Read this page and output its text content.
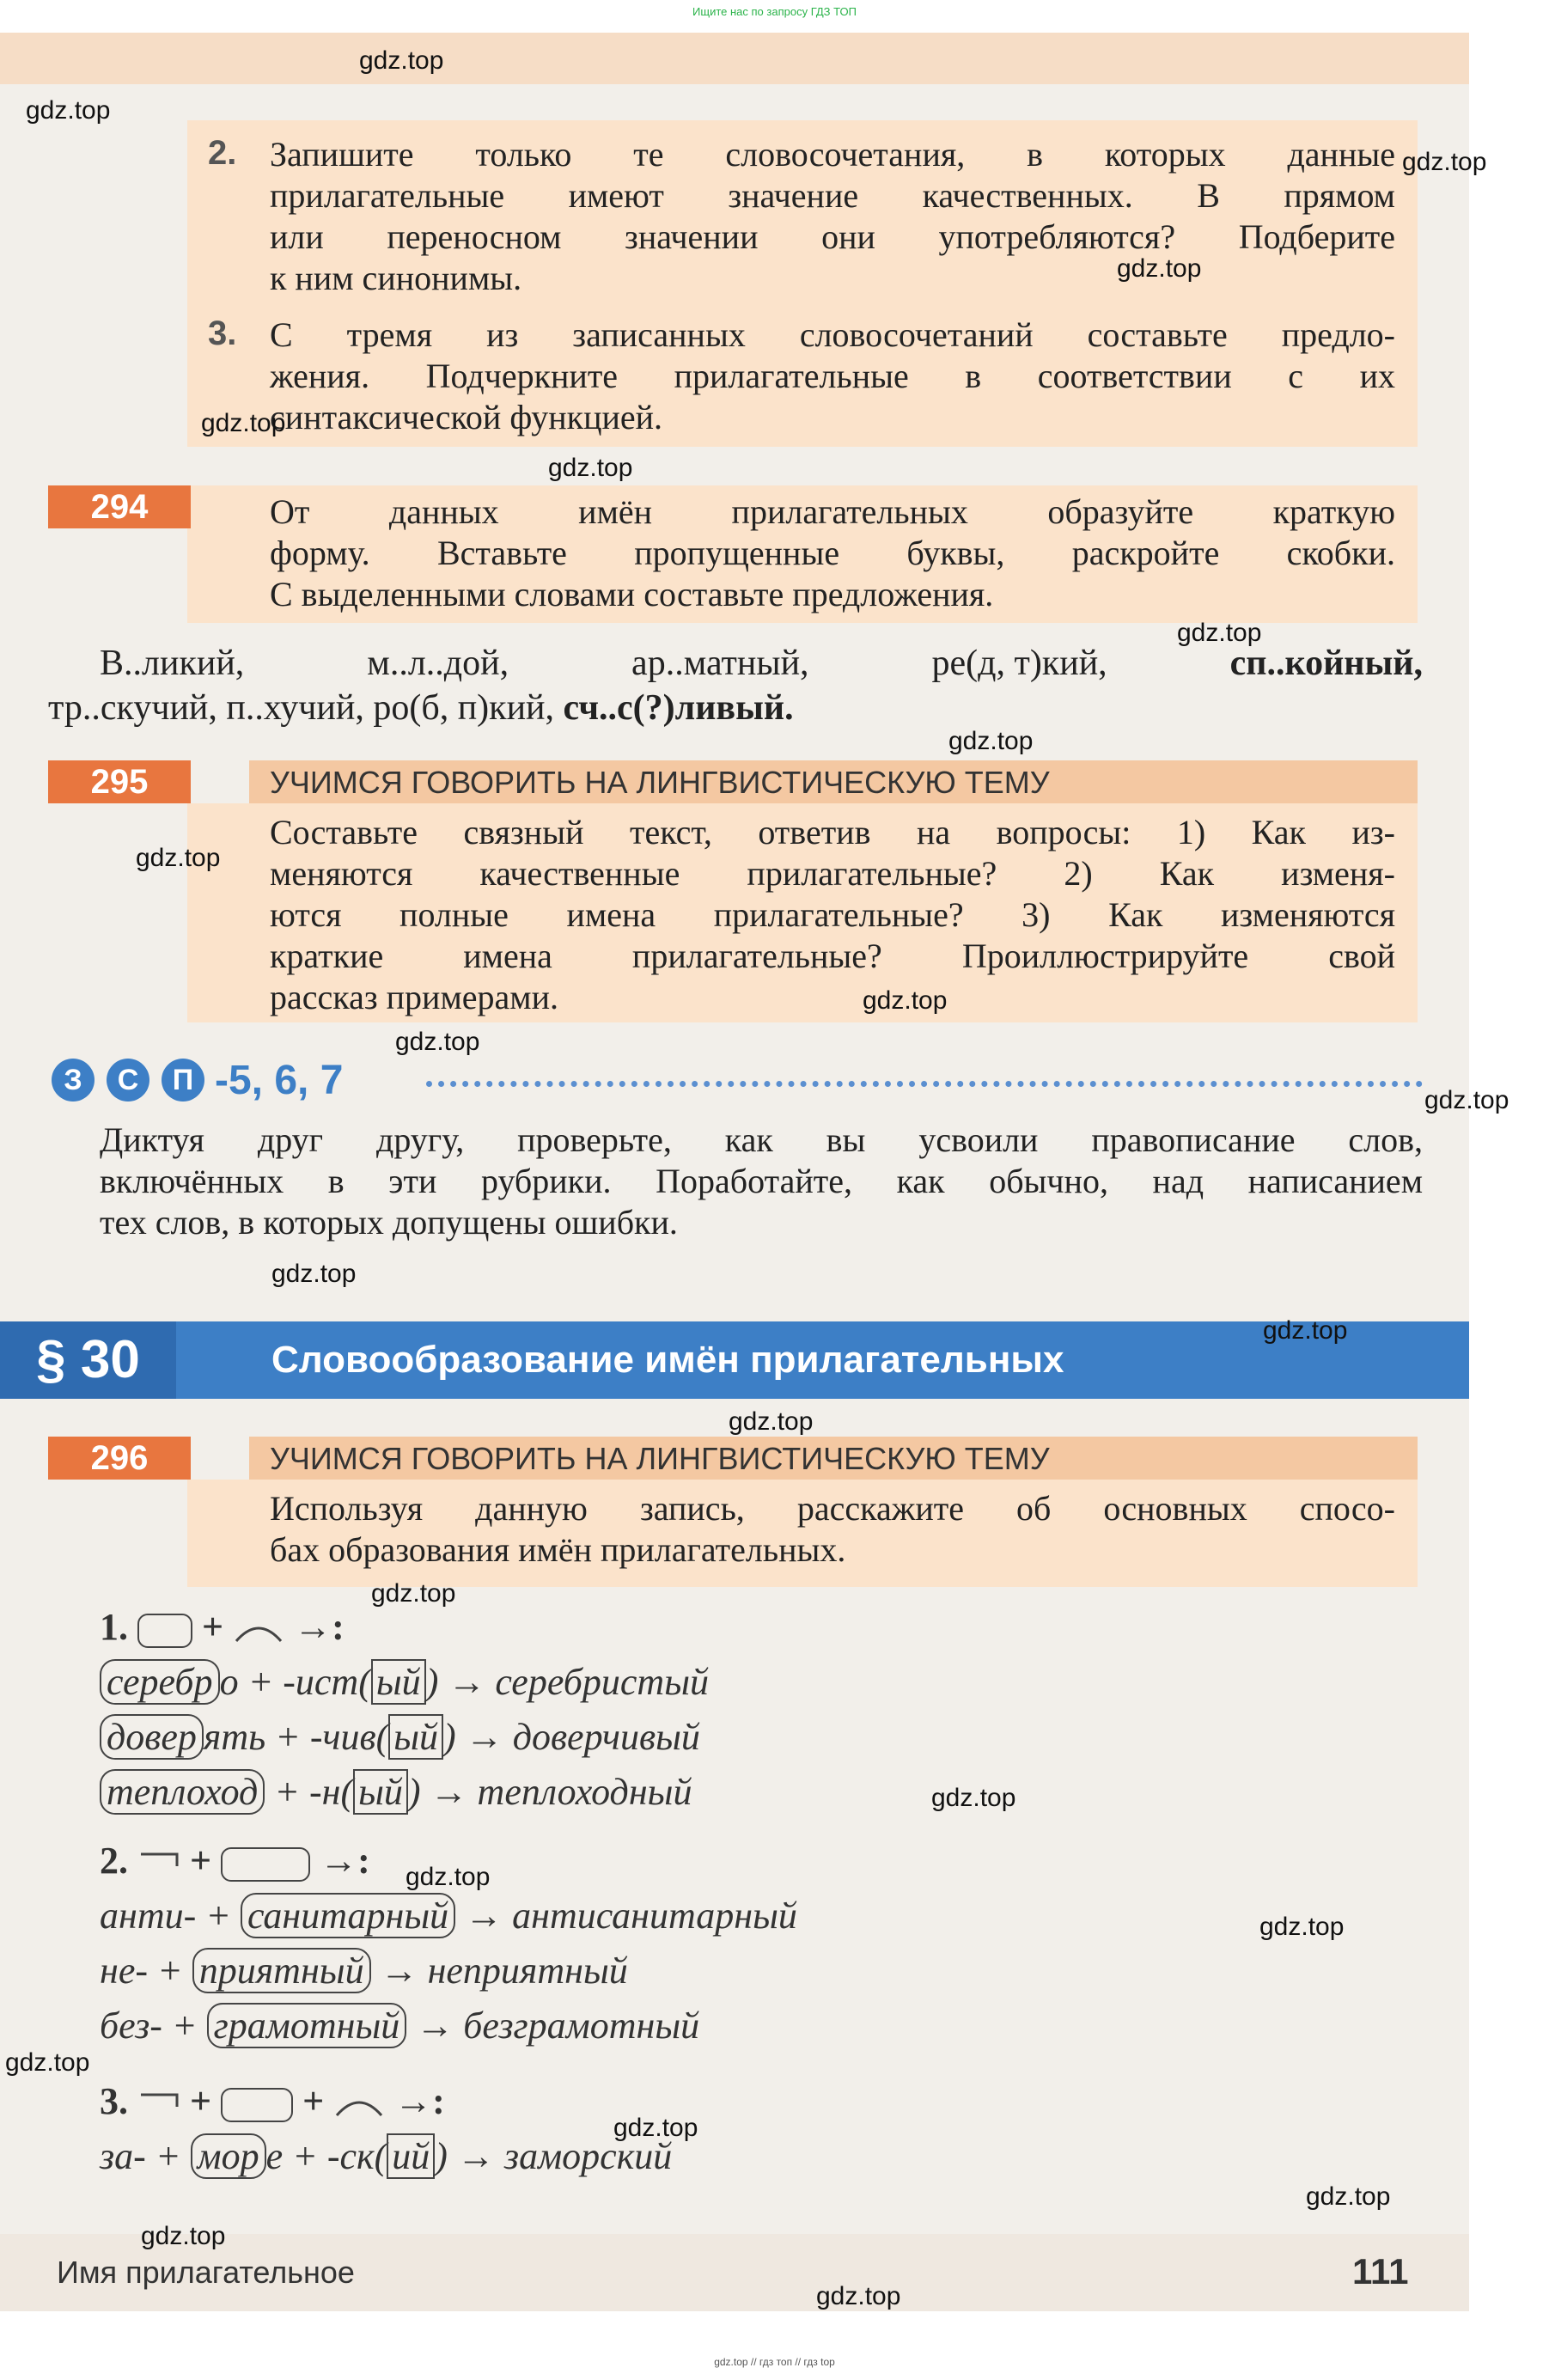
Ищите нас по запросу ГДЗ ТОП
2. Запишите только те словосочетания, в которых данные
прилагательные имеют значение качественных. В прямом
или переносном значении они употребляются? Подберите
к ним синонимы.
3. С тремя из записанных словосочетаний составьте предло-
жения. Подчеркните прилагательные в соответствии с их
синтаксической функцией.
294	От данных имён прилагательных образуйте краткую
форму. Вставьте пропущенные буквы, раскройте скобки.
С выделенными словами составьте предложения.
В..ликий,	м..л..дой,	ар..матный,	ре(д, т)кий,	сп..койный,
тр..скучий, п..хучий, ро(б, п)кий, сч..с(?)ливый.
295	УЧИМСЯ ГОВОРИТЬ НА ЛИНГВИСТИЧЕСКУЮ ТЕМУ
Составьте связный текст, ответив на вопросы: 1) Как из-
меняются качественные прилагательные? 2) Как изменя-
ются полные имена прилагательные? 3) Как изменяются
краткие имена прилагательные? Проиллюстрируйте свой
рассказ примерами.
З	С	П -5, 6, 7
Диктуя друг другу, проверьте, как вы усвоили правописание слов,
включённых в эти рубрики. Поработайте, как обычно, над написанием
тех слов, в которых допущены ошибки.
§ 30	Словообразование имён прилагательных
296	УЧИМСЯ ГОВОРИТЬ НА ЛИНГВИСТИЧЕСКУЮ ТЕМУ
Используя данную запись, расскажите об основных спосо-
бах образования имён прилагательных.
1.  +  →:
серебр о + -ист( ый ) → серебристый
довер ять + -чив( ый ) → доверчивый
теплоход + -н( ый ) → теплоходный
2.  +  →:
анти- + санитарный → антисанитарный
не- + приятный → неприятный
без- + грамотный → безграмотный
3.  +  +  →:
за- + мор е + -ск( ий ) → заморский
Имя прилагательное	111
gdz.top
gdz.top
gdz.top
gdz.top
gdz.top
gdz.top
gdz.top
gdz.top
gdz.top
gdz.top
gdz.top
gdz.top
gdz.top
gdz.top
gdz.top
gdz.top
gdz.top
gdz.top
gdz.top
gdz.top
gdz.top
gdz.top
gdz.top
gdz.top
gdz.top // гдз топ // гдз top
